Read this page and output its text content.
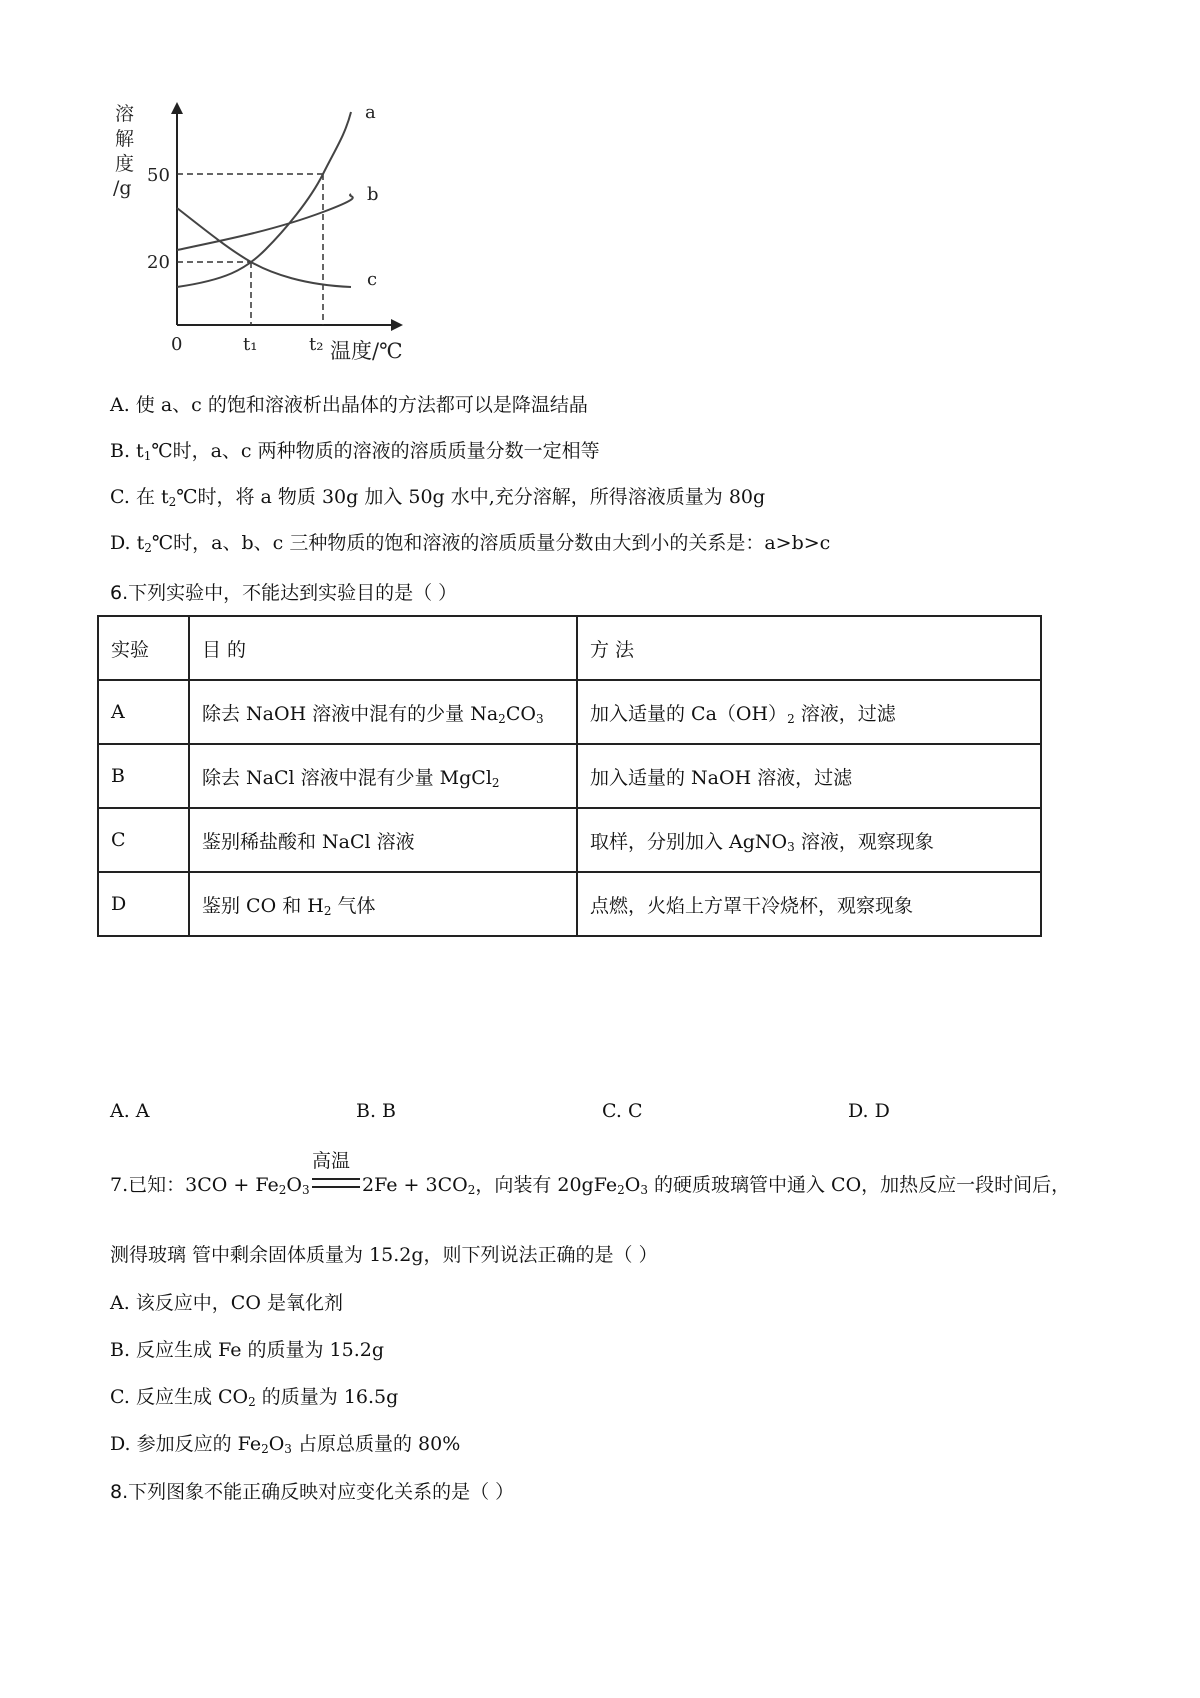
溶
解
度
/g
50
20
a
b
c
0	t₁	t₂ 温度/℃
A. 使 a、c 的饱和溶液析出晶体的方法都可以是降温结晶
B. $t_1℃$时，a、c 两种物质的溶液的溶质质量分数一定相等
C. 在 $t_2℃$时，将 a 物质 30g 加入 50g 水中,充分溶解，所得溶液质量为 80g
D. $t_2℃$时，a、b、c 三种物质的饱和溶液的溶质质量分数由大到小的关系是：a>b>c
6.下列实验中，不能达到实验目的是（ ）
实验	目 的	方 法
A	除去 NaOH 溶液中混有的少量 $Na_2CO_3$	加入适量的 $Ca(OH)_2$ 溶液，过滤
B	除去 NaCl 溶液中混有少量 MgCl$_2$	加入适量的 NaOH 溶液，过滤
C	鉴别稀盐酸和 NaCl 溶液	取样，分别加入 AgNO$_3$ 溶液，观察现象
D	鉴别 CO 和 $H_2$ 气体	点燃，火焰上方罩干冷烧杯，观察现象
A. A	B. B	C. C	D. D
7.已知：$3CO + Fe_2O_3$
高温
$2Fe + 3CO_2$，向装有 $20gFe_2O_3$ 的硬质玻璃管中通入 CO，加热反应一段时间后，
测得玻璃 管中剩余固体质量为 15.2g，则下列说法正确的是（ ）
A. 该反应中，CO 是氧化剂
B. 反应生成 Fe 的质量为 15.2g
C. 反应生成 $CO_2$ 的质量为 16.5g
D. 参加反应的 $Fe_2O_3$ 占原总质量的 80%
8.下列图象不能正确反映对应变化关系的是（ ）
